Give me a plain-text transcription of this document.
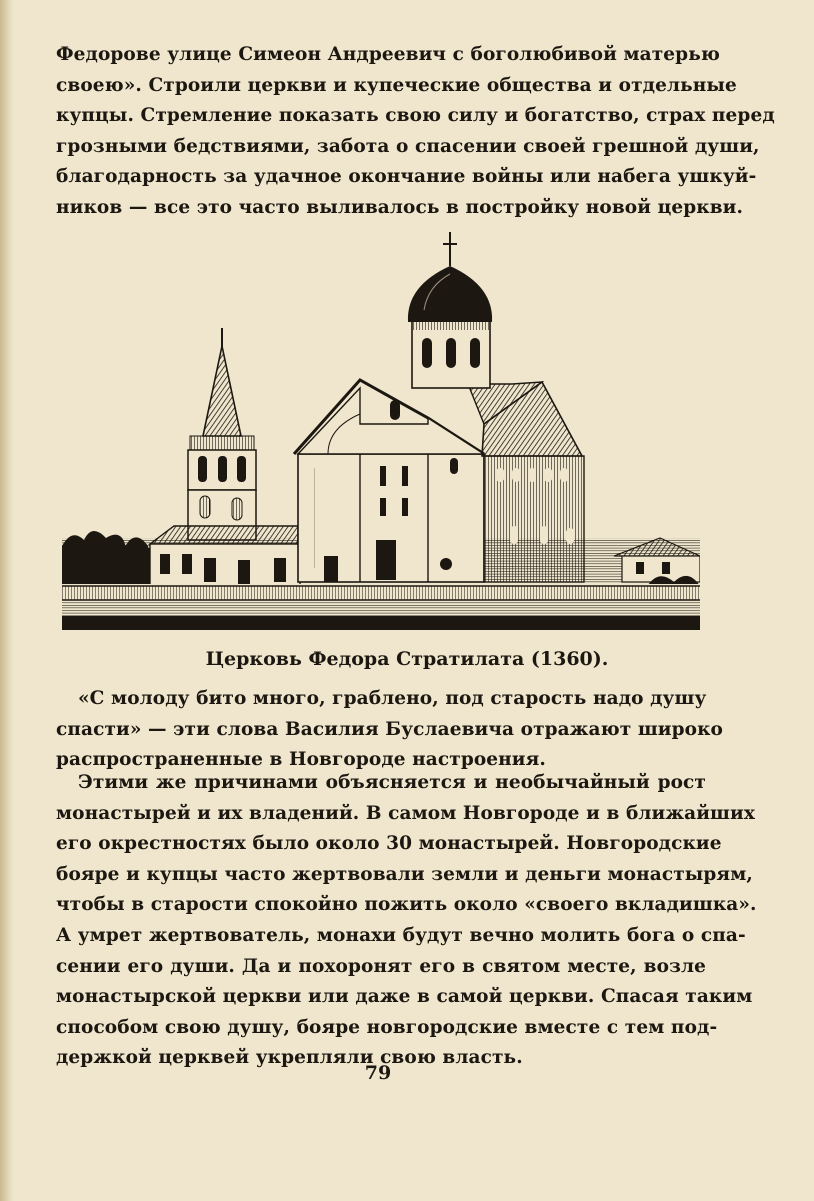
Федорове улице Симеон Андреевич с боголюбивой матерью
своею». Строили церкви и купеческие общества и отдельные
купцы. Стремление показать свою силу и богатство, страх перед
грозными бедствиями, забота о спасении своей грешной души,
благодарность за удачное окончание войны или набега ушкуй-
ников — все это часто выливалось в постройку новой церкви.
Церковь Федора Стратилата (1360).
«С молоду бито много, граблено, под старость надо душу
спасти» — эти слова Василия Буслаевича отражают широко
распространенные в Новгороде настроения.
Этими же причинами объясняется и необычайный рост
монастырей и их владений. В самом Новгороде и в ближайших
его окрестностях было около 30 монастырей. Новгородские
бояре и купцы часто жертвовали земли и деньги монастырям,
чтобы в старости спокойно пожить около «своего вкладишка».
А умрет жертвователь, монахи будут вечно молить бога о спа-
сении его души. Да и похоронят его в святом месте, возле
монастырской церкви или даже в самой церкви. Спасая таким
способом свою душу, бояре новгородские вместе с тем под-
держкой церквей укрепляли свою власть.
79
